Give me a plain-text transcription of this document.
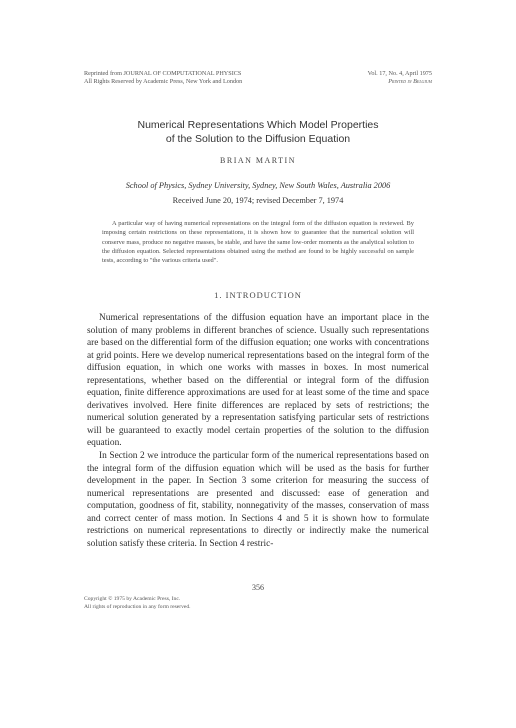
Reprinted from JOURNAL OF COMPUTATIONAL PHYSICS
All Rights Reserved by Academic Press, New York and London
Vol. 17, No. 4, April 1975
Printed in Belgium
Numerical Representations Which Model Properties
of the Solution to the Diffusion Equation
BRIAN MARTIN
School of Physics, Sydney University, Sydney, New South Wales, Australia 2006
Received June 20, 1974; revised December 7, 1974
A particular way of having numerical representations on the integral form of the diffusion equation is reviewed. By imposing certain restrictions on these representations, it is shown how to guarantee that the numerical solution will conserve mass, produce no negative masses, be stable, and have the same low-order moments as the analytical solution to the diffusion equation. Selected representations obtained using the method are found to be highly successful on sample tests, according to "the various criteria used".
1. INTRODUCTION

Numerical representations of the diffusion equation have an important place in the solution of many problems in different branches of science. Usually such representations are based on the differential form of the diffusion equation; one works with concentrations at grid points. Here we develop numerical representations based on the integral form of the diffusion equation, in which one works with masses in boxes. In most numerical representations, whether based on the differential or integral form of the diffusion equation, finite difference approximations are used for at least some of the time and space derivatives involved. Here finite differences are replaced by sets of restrictions; the numerical solution generated by a representation satisfying particular sets of restrictions will be guaranteed to exactly model certain properties of the solution to the diffusion equation.

In Section 2 we introduce the particular form of the numerical representations based on the integral form of the diffusion equation which will be used as the basis for further development in the paper. In Section 3 some criterion for measuring the success of numerical representations are presented and discussed: ease of generation and computation, goodness of fit, stability, nonnegativity of the masses, conservation of mass and correct center of mass motion. In Sections 4 and 5 it is shown how to formulate restrictions on numerical representations to directly or indirectly make the numerical solution satisfy these criteria. In Section 4 restric-

356
Copyright © 1975 by Academic Press, Inc.
All rights of reproduction in any form reserved.
